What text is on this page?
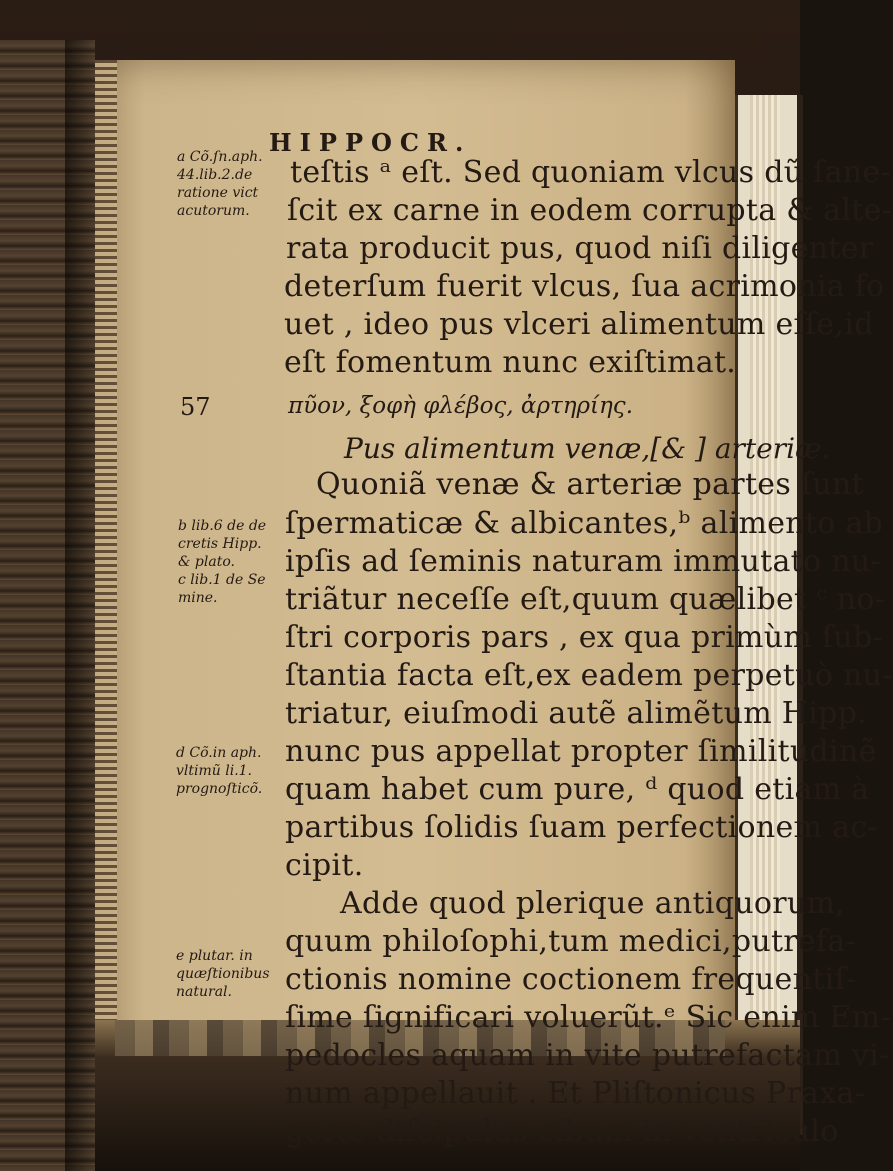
HIPPOCR.
a Cõ.ſn.aph.
44.lib.2.de
ratione vict
acutorum.
teſtis ᵃ eſt. Sed quoniam vlcus dũ ſane-
ſcit ex carne in eodem corrupta & alte-
rata producit pus, quod niſi diligenter
deterſum fuerit vlcus, ſua acrimonia fo
uet , ideo pus vlceri alimentum eſſe,id
eſt fomentum nunc exiſtimat.
57	πῦον, ξοφὴ φλέβος, ἀρτηρίης.
Pus alimentum venæ,[& ] arteriæ.
b lib.6 de de
cretis Hipp.
& plato.
c lib.1 de Se
mine.
Quoniã venæ & arteriæ partes ſunt
ſpermaticæ & albicantes,ᵇ alimento ab
ipſis ad ſeminis naturam immutato nu-
triãtur neceſſe eſt,quum quælibet ᶜ no-
ſtri corporis pars , ex qua primùm ſub-
ſtantia facta eſt,ex eadem perpetuò nu-
triatur, eiuſmodi autẽ alimẽtum Hipp.
nunc pus appellat propter ſimilitudinẽ
quam habet cum pure, ᵈ quod etiam à
partibus ſolidis ſuam perfectionem ac-
cipit.
d Cõ.in aph.
vltimũ li.1.
prognoſticõ.
Adde quod plerique antiquorum,
quum philoſophi,tum medici,putrefa-
ctionis nomine coctionem frequentiſ-
ſime ſignificari voluerũt.ᵉ Sic enim Em-
pedocles aquam in vite putrefactam vi-
num appellauit . Et Pliſtonicus Praxa-
goræ diſcipulus cibum in ventriculo
e plutar. in
quæſtionibus
natural.
